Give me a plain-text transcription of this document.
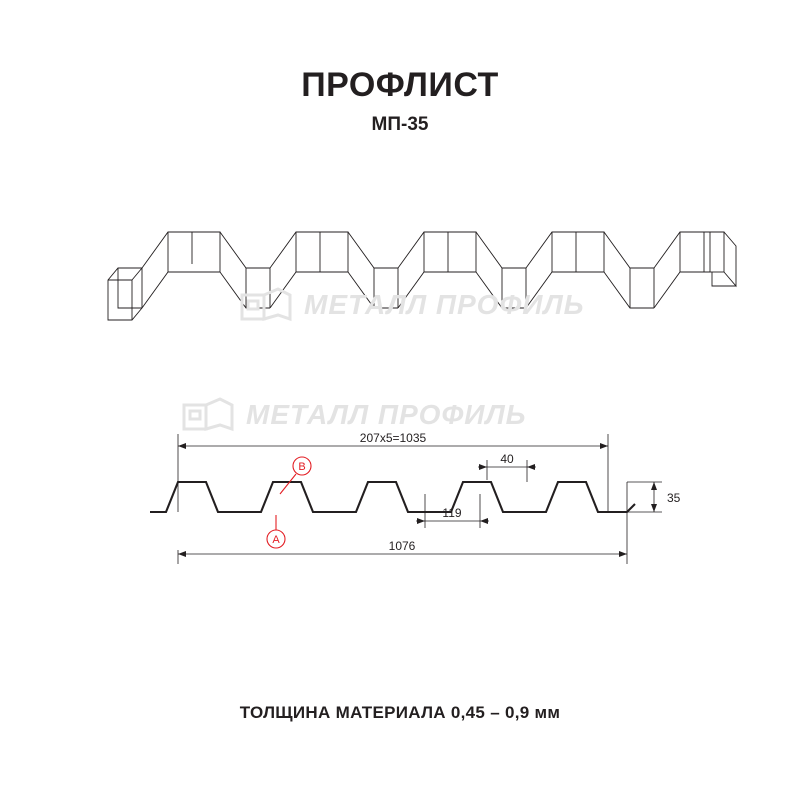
ПРОФЛИСТ
МП-35
B
A
207х5=1035
1076
119
40
35
МЕТАЛЛ ПРОФИЛЬ
МЕТАЛЛ ПРОФИЛЬ
ТОЛЩИНА МАТЕРИАЛА 0,45 – 0,9 мм
